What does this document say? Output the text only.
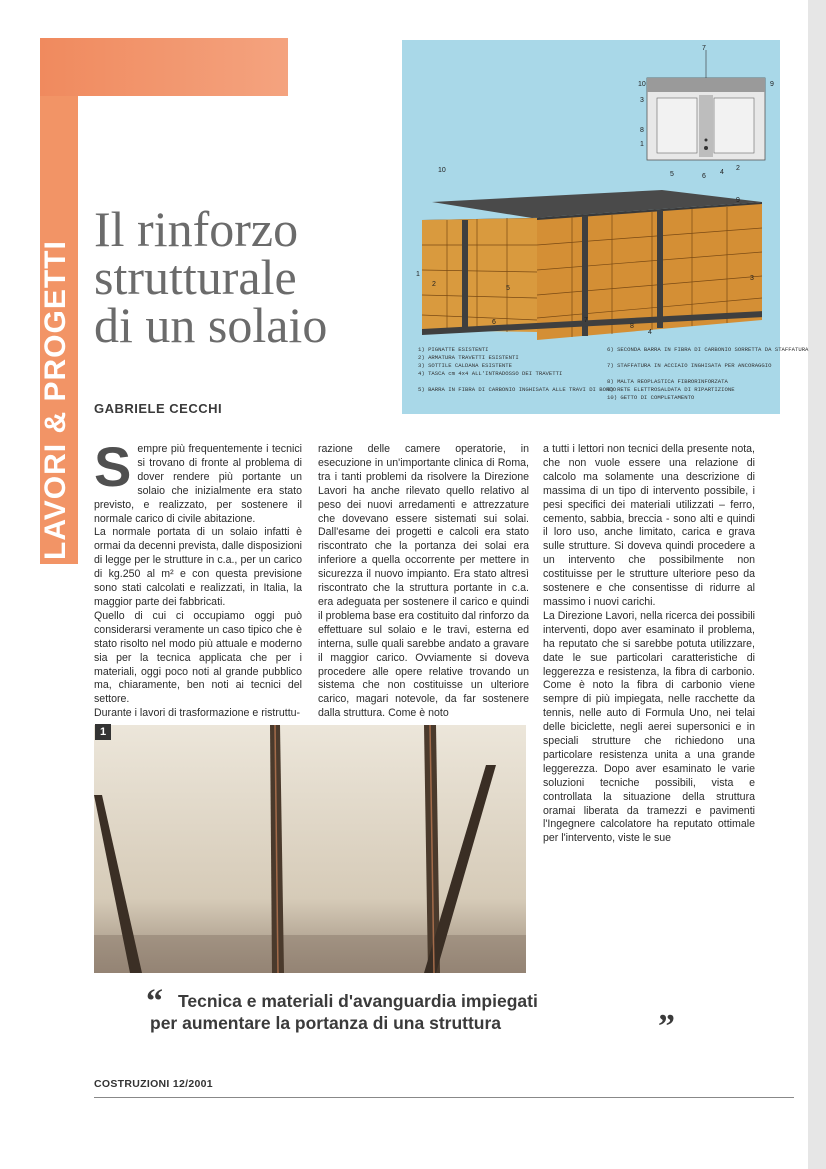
LAVORI & PROGETTI
Il rinforzo
strutturale
di un solaio
GABRIELE CECCHI
7
10	9
3
8
1
5	6
4
2
10
9
1
2
3
5
7
6
8
4
1) PIGNATTE ESISTENTI
2) ARMATURA TRAVETTI ESISTENTI
3) SOTTILE CALDANA ESISTENTE
4) TASCA cm 4x4 ALL'INTRADOSSO DEI TRAVETTI
5) BARRA IN FIBRA DI CARBONIO INGHISATA ALLE TRAVI DI BORDO
6) SECONDA BARRA IN FIBRA DI CARBONIO SORRETTA DA STAFFATURA
7) STAFFATURA IN ACCIAIO INGHISATA PER ANCORAGGIO
8) MALTA REOPLASTICA FIBRORINFORZATA
9) RETE ELETTROSALDATA DI RIPARTIZIONE
10) GETTO DI COMPLETAMENTO
S empre più frequentemente i tecnici si trovano di fronte al problema di dover rendere più portante un solaio che inizialmente era stato previsto, e realizzato, per sostenere il normale carico di civile abitazione.

La normale portata di un solaio infatti è ormai da decenni prevista, dalle disposizioni di legge per le strutture in c.a., per un carico di kg.250 al m² e con questa previsione sono stati calcolati e realizzati, in Italia, la maggior parte dei fabbricati.

Quello di cui ci occupiamo oggi può considerarsi veramente un caso tipico che è stato risolto nel modo più attuale e moderno sia per la tecnica applicata che per i materiali, oggi poco noti al grande pubblico ma, chiaramente, ben noti ai tecnici del settore.

Durante i lavori di trasformazione e ristruttu-

razione delle camere operatorie, in esecuzione in un'importante clinica di Roma, tra i tanti problemi da risolvere la Direzione Lavori ha anche rilevato quello relativo al peso dei nuovi arredamenti e attrezzature che dovevano essere sistemati sui solai. Dall'esame dei progetti e calcoli era stato riscontrato che la portanza dei solai era inferiore a quella occorrente per mettere in sicurezza il nuovo impianto. Era stato altresì riscontrato che la struttura portante in c.a. era adeguata per sostenere il carico e quindi il problema base era costituito dal rinforzo da effettuare sul solaio e le travi, esterna ed interna, sulle quali sarebbe andato a gravare il maggior carico. Ovviamente si doveva procedere alle opere relative trovando un sistema che non costituisse un ulteriore carico, magari notevole, da far sostenere dalla struttura. Come è noto

a tutti i lettori non tecnici della presente nota, che non vuole essere una relazione di calcolo ma solamente una descrizione di massima di un tipo di intervento possibile, i pesi specifici dei materiali utilizzati – ferro, cemento, sabbia, breccia - sono alti e quindi il loro uso, anche limitato, carica e grava sulle strutture. Si doveva quindi procedere a un intervento che possibilmente non costituisse per le strutture ulteriore peso da sostenere e che consentisse di ridurre al massimo i nuovi carichi.

La Direzione Lavori, nella ricerca dei possibili interventi, dopo aver esaminato il problema, ha reputato che si sarebbe potuta utilizzare, date le sue particolari caratteristiche di leggerezza e resistenza, la fibra di carbonio. Come è noto la fibra di carbonio viene sempre di più impiegata, nelle racchette da tennis, nelle auto di Formula Uno, nei telai delle biciclette, negli aerei supersonici e in speciali strutture che richiedono una particolare resistenza unita a una grande leggerezza. Dopo aver esaminato le varie soluzioni tecniche possibili, vista e controllata la situazione della struttura oramai liberata da tramezzi e pavimenti l'Ingegnere calcolatore ha reputato ottimale per l'intervento, viste le sue

1
“ Tecnica e materiali d'avanguardia impiegati
per aumentare la portanza di una struttura	”
COSTRUZIONI 12/2001
